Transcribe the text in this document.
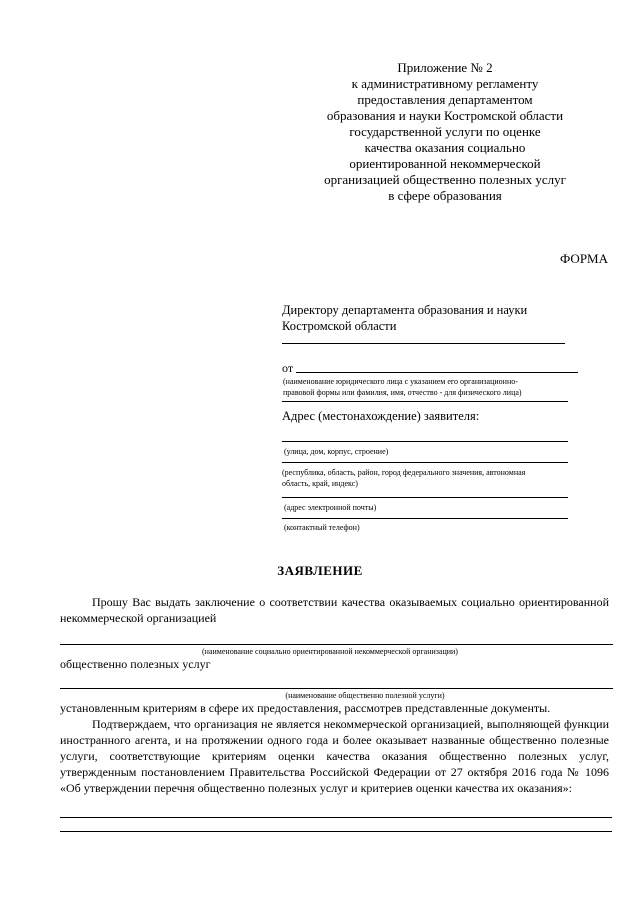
Приложение № 2
к административному регламенту
предоставления департаментом
образования и науки Костромской области
государственной услуги по оценке
качества оказания социально
ориентированной некоммерческой
организацией общественно полезных услуг
в сфере образования
ФОРМА
Директору департамента образования и науки
Костромской области
от
(наименование юридического лица с указанием его организационно-
правовой формы или фамилия, имя, отчество - для физического лица)
Адрес (местонахождение) заявителя:
(улица, дом, корпус, строение)
(республика, область, район, город федерального значения, автономная
область, край, индекс)
(адрес электронной почты)
(контактный телефон)
ЗАЯВЛЕНИЕ
Прошу Вас выдать заключение о соответствии качества оказываемых социально ориентированной некоммерческой организацией
(наименование социально ориентированной некоммерческой организации)
общественно полезных услуг
(наименование общественно полезной услуги)
установленным критериям в сфере их предоставления, рассмотрев представленные документы.
Подтверждаем, что организация не является некоммерческой организацией, выполняющей функции иностранного агента, и на протяжении одного года и более оказывает названные общественно полезные услуги, соответствующие критериям оценки качества оказания общественно полезных услуг, утвержденным постановлением Правительства Российской Федерации от 27 октября 2016 года № 1096 «Об утверждении перечня общественно полезных услуг и критериев оценки качества их оказания»:
